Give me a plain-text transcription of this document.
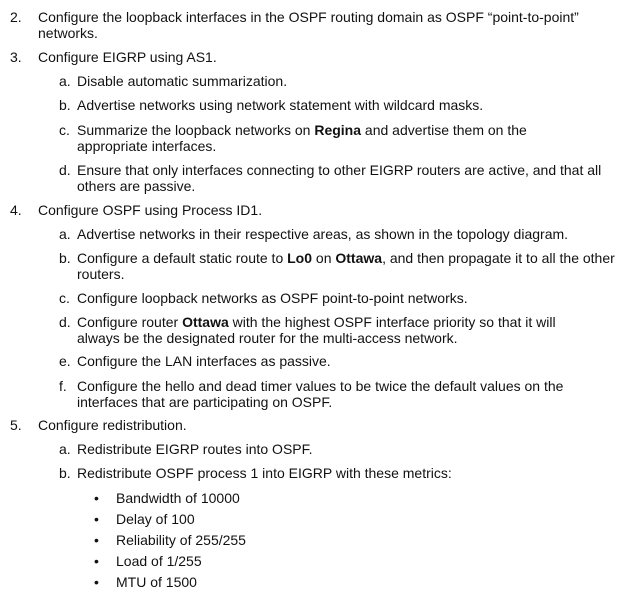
2. Configure the loopback interfaces in the OSPF routing domain as OSPF “point-to-point” networks.
3. Configure EIGRP using AS1.
a. Disable automatic summarization.
b. Advertise networks using network statement with wildcard masks.
c. Summarize the loopback networks on Regina and advertise them on the appropriate interfaces.
d. Ensure that only interfaces connecting to other EIGRP routers are active, and that all others are passive.
4. Configure OSPF using Process ID1.
a. Advertise networks in their respective areas, as shown in the topology diagram.
b. Configure a default static route to Lo0 on Ottawa, and then propagate it to all the other routers.
c. Configure loopback networks as OSPF point-to-point networks.
d. Configure router Ottawa with the highest OSPF interface priority so that it will always be the designated router for the multi-access network.
e. Configure the LAN interfaces as passive.
f. Configure the hello and dead timer values to be twice the default values on the interfaces that are participating on OSPF.
5. Configure redistribution.
a. Redistribute EIGRP routes into OSPF.
b. Redistribute OSPF process 1 into EIGRP with these metrics:
• Bandwidth of 10000
• Delay of 100
• Reliability of 255/255
• Load of 1/255
• MTU of 1500
